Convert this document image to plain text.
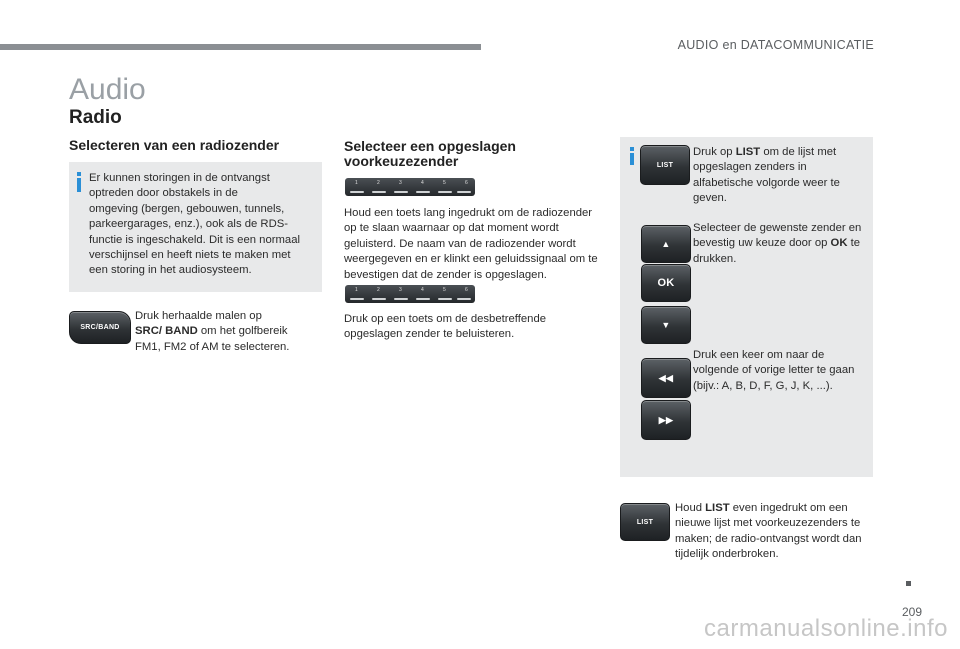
AUDIO en DATACOMMUNICATIE
Audio
Radio
Selecteren van een radiozender
Er kunnen storingen in de ontvangst
optreden door obstakels in de
omgeving (bergen, gebouwen, tunnels,
parkeergarages, enz.), ook als de RDS-
functie is ingeschakeld. Dit is een normaal
verschijnsel en heeft niets te maken met
een storing in het audiosysteem.
SRC/BAND
Druk herhaalde malen op SRC/ BAND om het golfbereik FM1, FM2 of AM te selecteren.
Selecteer een opgeslagen
voorkeuzezender
1	2	3	4	5	6
Houd een toets lang ingedrukt om de radiozender op te slaan waarnaar op dat moment wordt geluisterd. De naam van de radiozender wordt weergegeven en er klinkt een geluidssignaal om te bevestigen dat de zender is opgeslagen.
1	2	3	4	5	6
Druk op een toets om de desbetreffende opgeslagen zender te beluisteren.
LIST
Druk op LIST om de lijst met opgeslagen zenders in alfabetische volgorde weer te geven.
▲
OK
▼
Selecteer de gewenste zender en bevestig uw keuze door op OK te drukken.
◀◀
▶▶
Druk een keer om naar de volgende of vorige letter te gaan (bijv.: A, B, D, F, G, J, K, ...).
LIST
Houd LIST even ingedrukt om een nieuwe lijst met voorkeuzezenders te maken; de radio-ontvangst wordt dan tijdelijk onderbroken.
209
carmanualsonline.info
